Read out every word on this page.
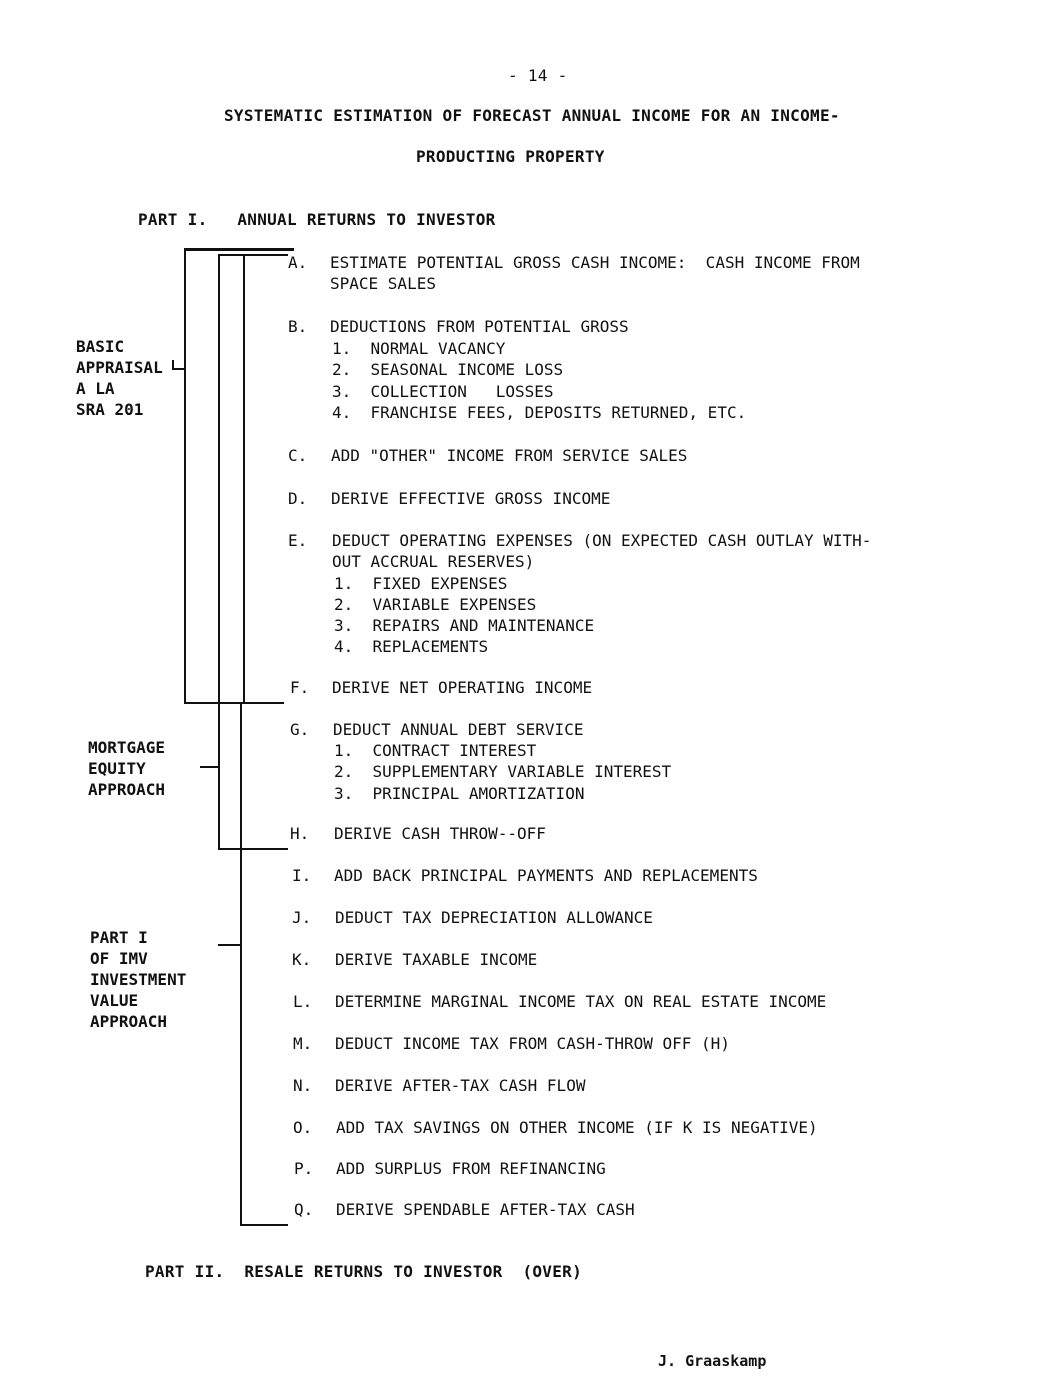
- 14 -
SYSTEMATIC ESTIMATION OF FORECAST ANNUAL INCOME FOR AN INCOME-
PRODUCTING PROPERTY
PART I.   ANNUAL RETURNS TO INVESTOR
BASIC
APPRAISAL
A LA
SRA 201
MORTGAGE
EQUITY
APPROACH
PART I
OF IMV
INVESTMENT
VALUE
APPROACH
A.	ESTIMATE POTENTIAL GROSS CASH INCOME:  CASH INCOME FROM
SPACE SALES
B.	DEDUCTIONS FROM POTENTIAL GROSS
1.  NORMAL VACANCY
2.  SEASONAL INCOME LOSS
3.  COLLECTION   LOSSES
4.  FRANCHISE FEES, DEPOSITS RETURNED, ETC.
C.	ADD "OTHER" INCOME FROM SERVICE SALES
D.	DERIVE EFFECTIVE GROSS INCOME
E.	DEDUCT OPERATING EXPENSES (ON EXPECTED CASH OUTLAY WITH-
OUT ACCRUAL RESERVES)
1.  FIXED EXPENSES
2.  VARIABLE EXPENSES
3.  REPAIRS AND MAINTENANCE
4.  REPLACEMENTS
F.	DERIVE NET OPERATING INCOME
G.	DEDUCT ANNUAL DEBT SERVICE
1.  CONTRACT INTEREST
2.  SUPPLEMENTARY VARIABLE INTEREST
3.  PRINCIPAL AMORTIZATION
H.	DERIVE CASH THROW--OFF
I.	ADD BACK PRINCIPAL PAYMENTS AND REPLACEMENTS
J.	DEDUCT TAX DEPRECIATION ALLOWANCE
K.	DERIVE TAXABLE INCOME
L.	DETERMINE MARGINAL INCOME TAX ON REAL ESTATE INCOME
M.	DEDUCT INCOME TAX FROM CASH-THROW OFF (H)
N.	DERIVE AFTER-TAX CASH FLOW
O.	ADD TAX SAVINGS ON OTHER INCOME (IF K IS NEGATIVE)
P.	ADD SURPLUS FROM REFINANCING
Q.	DERIVE SPENDABLE AFTER-TAX CASH
PART II.  RESALE RETURNS TO INVESTOR  (OVER)
J. Graaskamp
